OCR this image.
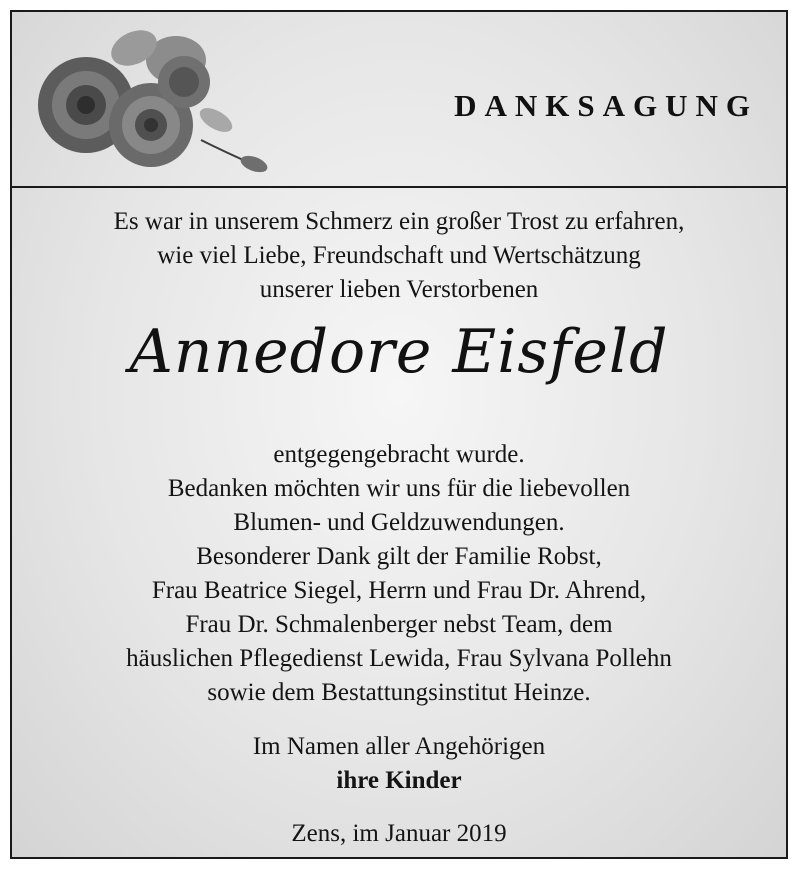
DANKSAGUNG
Es war in unserem Schmerz ein großer Trost zu erfahren,
wie viel Liebe, Freundschaft und Wertschätzung
unserer lieben Verstorbenen
Annedore Eisfeld
entgegengebracht wurde.
Bedanken möchten wir uns für die liebevollen
Blumen- und Geldzuwendungen.
Besonderer Dank gilt der Familie Robst,
Frau Beatrice Siegel, Herrn und Frau Dr. Ahrend,
Frau Dr. Schmalenberger nebst Team, dem
häuslichen Pflegedienst Lewida, Frau Sylvana Pollehn
sowie dem Bestattungsinstitut Heinze.
Im Namen aller Angehörigen
ihre Kinder
Zens, im Januar 2019
